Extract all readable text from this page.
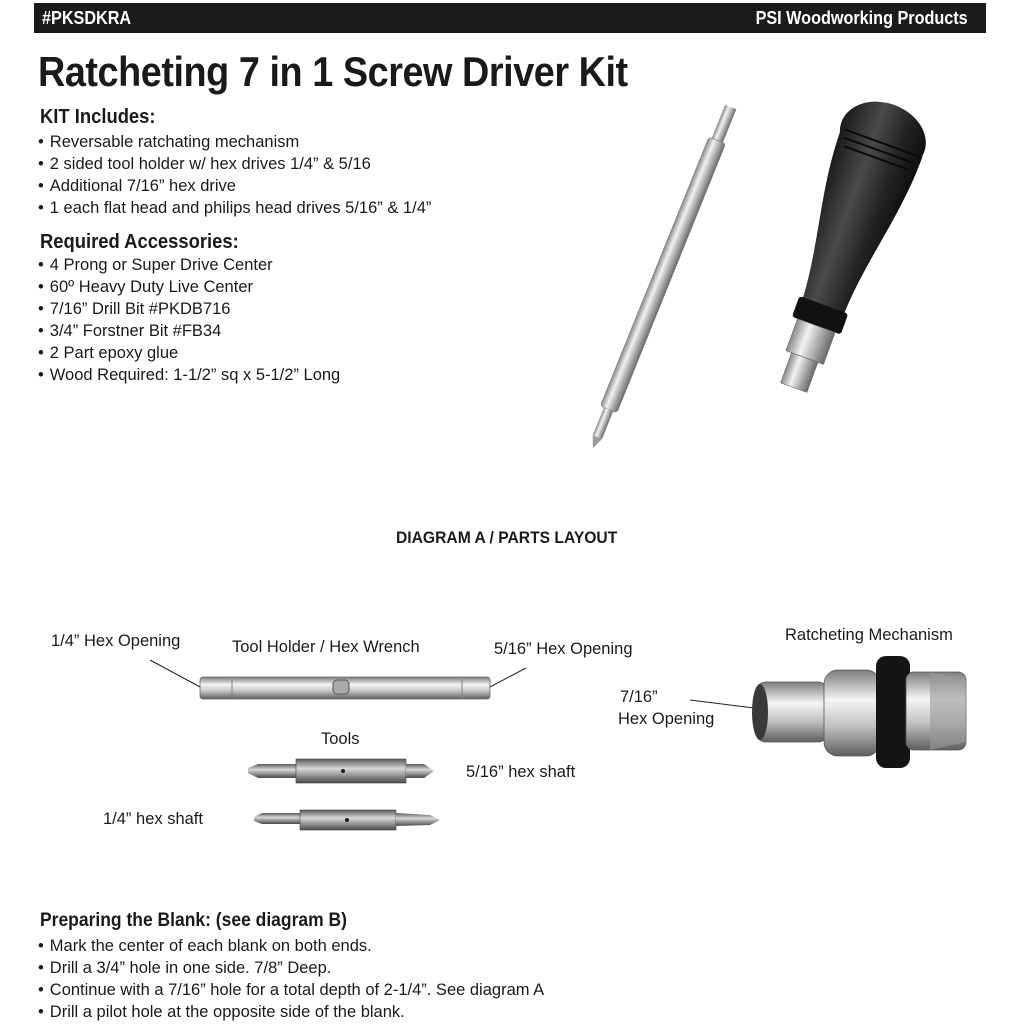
#PKSDKRA	PSI Woodworking Products
Ratcheting 7 in 1 Screw Driver Kit
KIT Includes:
• Reversable ratchating mechanism
• 2 sided tool holder w/ hex drives 1/4” & 5/16
• Additional 7/16” hex drive
• 1 each flat head and philips head drives 5/16” & 1/4”
Required Accessories:
• 4 Prong or Super Drive Center
• 60º Heavy Duty Live Center
• 7/16” Drill Bit #PKDB716
• 3/4” Forstner Bit #FB34
• 2 Part epoxy glue
• Wood Required: 1-1/2” sq x 5-1/2” Long
DIAGRAM A / PARTS LAYOUT
1/4” Hex Opening	Tool Holder / Hex Wrench	5/16” Hex Opening
Ratcheting Mechanism
7/16”
Hex Opening
Tools
5/16” hex shaft
1/4” hex shaft
Preparing the Blank: (see diagram B)
• Mark the center of each blank on both ends.
• Drill a 3/4” hole in one side. 7/8” Deep.
• Continue with a 7/16” hole for a total depth of 2-1/4”. See diagram A
• Drill a pilot hole at the opposite side of the blank.
